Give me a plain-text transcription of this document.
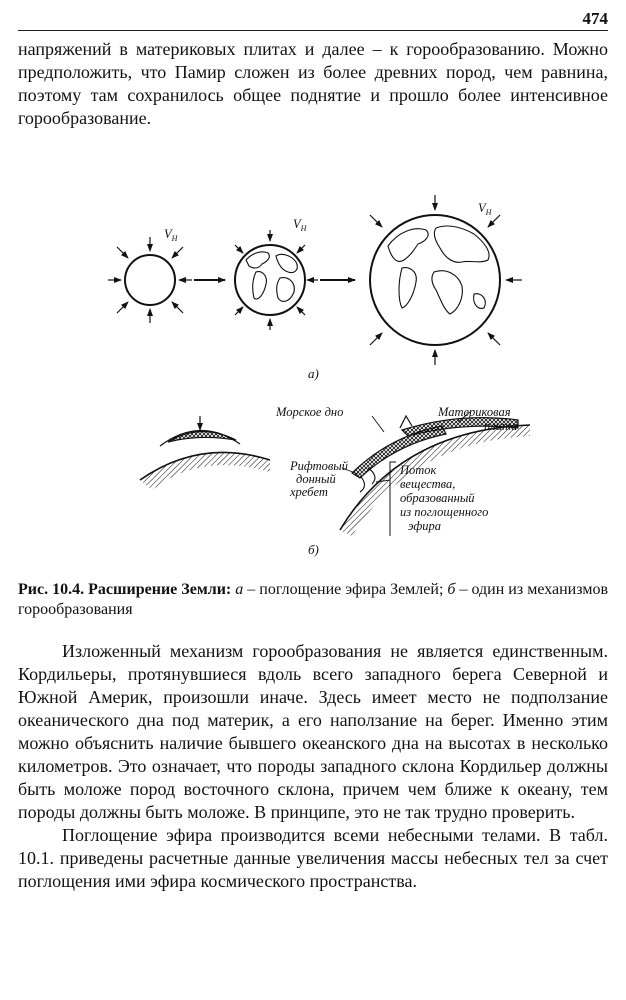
474

напряжений в материковых плитах и далее – к горообразованию. Можно предположить, что Памир сложен из более древних пород, чем равнина, поэтому там сохранилось общее поднятие и прошло более интенсивное горообразование.

$V_Н$
$V_Н$
$V_Н$
а)
Морское дно	Материковая
плита
Рифтовый
донный
хребет
Поток
вещества,
образованный
из поглощенного
эфира
б)

Рис. 10.4. Расширение Земли: а – поглощение эфира Землей; б – один из механизмов горообразования

Изложенный механизм горообразования не является единственным. Кордильеры, протянувшиеся вдоль всего западного берега Северной и Южной Америк, произошли иначе. Здесь имеет место не подползание океанического дна под материк, а его наползание на берег. Именно этим можно объяснить наличие бывшего океанского дна на высотах в несколько километров. Это означает, что породы западного склона Кордильер должны быть моложе пород восточного склона, причем чем ближе к океану, тем породы должны быть моложе. В принципе, это не так трудно проверить.

Поглощение эфира производится всеми небесными телами. В табл. 10.1. приведены расчетные данные увеличения массы небесных тел за счет поглощения ими эфира космического пространства.
